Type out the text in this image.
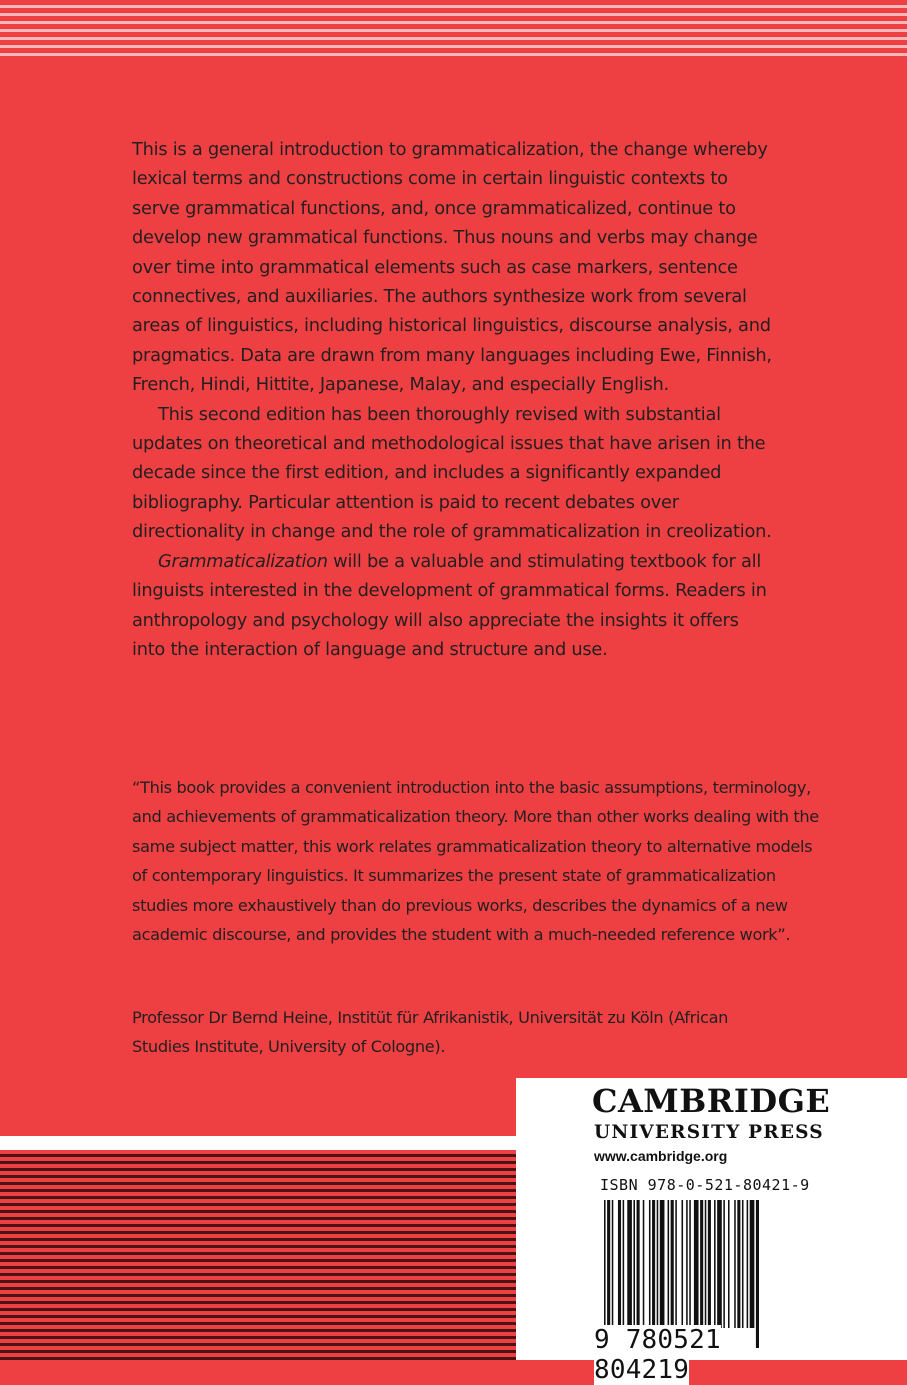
This is a general introduction to grammaticalization, the change whereby lexical terms and constructions come in certain linguistic contexts to serve grammatical functions, and, once grammaticalized, continue to develop new grammatical functions. Thus nouns and verbs may change over time into grammatical elements such as case markers, sentence connectives, and auxiliaries. The authors synthesize work from several areas of linguistics, including historical linguistics, discourse analysis, and pragmatics. Data are drawn from many languages including Ewe, Finnish, French, Hindi, Hittite, Japanese, Malay, and especially English.

This second edition has been thoroughly revised with substantial updates on theoretical and methodological issues that have arisen in the decade since the first edition, and includes a significantly expanded bibliography. Particular attention is paid to recent debates over directionality in change and the role of grammaticalization in creolization.

Grammaticalization will be a valuable and stimulating textbook for all linguists interested in the development of grammatical forms. Readers in anthropology and psychology will also appreciate the insights it offers into the interaction of language and structure and use.

“This book provides a convenient introduction into the basic assumptions, terminology, and achievements of grammaticalization theory. More than other works dealing with the same subject matter, this work relates grammaticalization theory to alternative models of contemporary linguistics. It summarizes the present state of grammaticalization studies more exhaustively than do previous works, describes the dynamics of a new academic discourse, and provides the student with a much-needed reference work”.

Professor Dr Bernd Heine, Institüt für Afrikanistik, Universität zu Köln (African Studies Institute, University of Cologne).

CAMBRIDGE
UNIVERSITY PRESS
www.cambridge.org
ISBN 978-0-521-80421-9
9 780521 804219
